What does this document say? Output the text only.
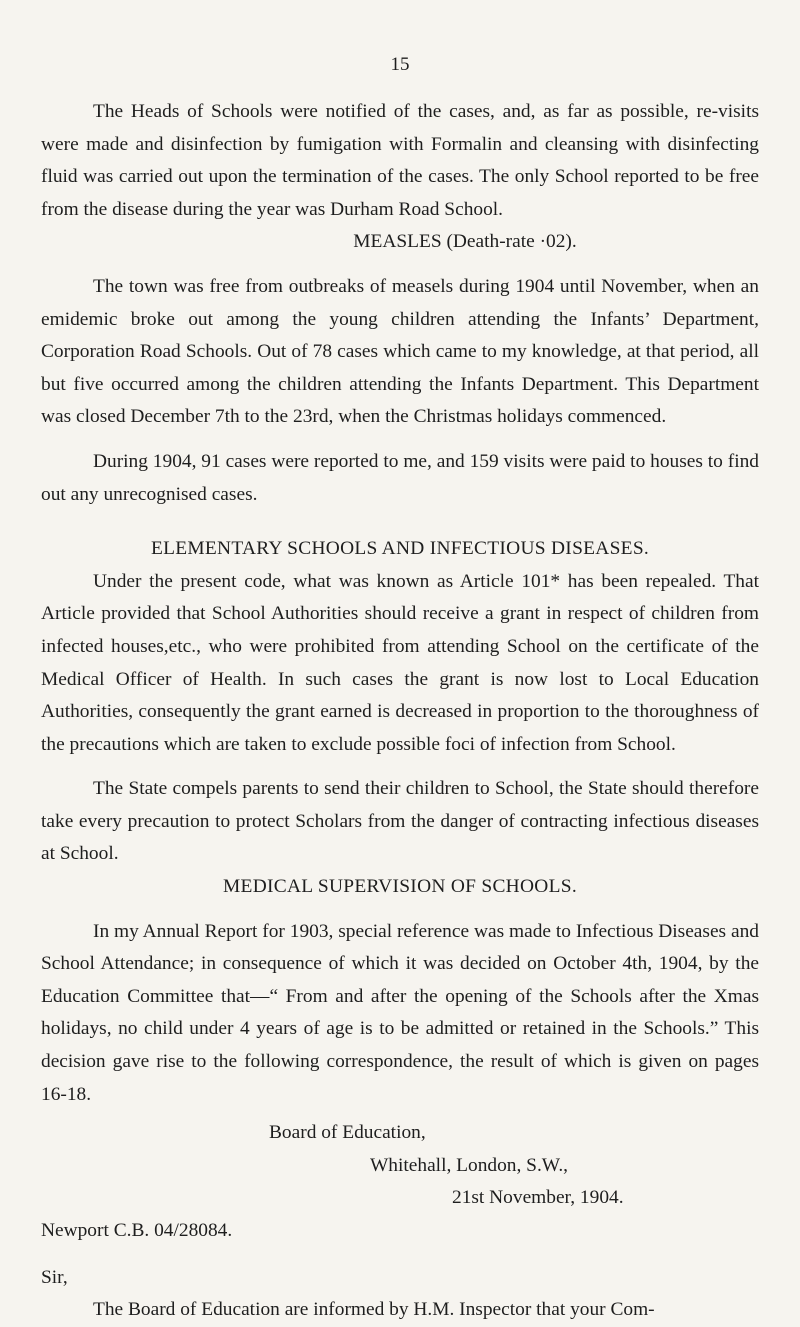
15

The Heads of Schools were notified of the cases, and, as far as possible, re-visits were made and disinfection by fumigation with Formalin and cleansing with disinfecting fluid was carried out upon the termination of the cases. The only School reported to be free from the disease during the year was Durham Road School.

MEASLES (Death-rate ·02).

The town was free from outbreaks of measels during 1904 until November, when an emidemic broke out among the young children attending the Infants’ Department, Corporation Road Schools. Out of 78 cases which came to my knowledge, at that period, all but five occurred among the children attending the Infants Department. This Department was closed December 7th to the 23rd, when the Christmas holidays commenced.

During 1904, 91 cases were reported to me, and 159 visits were paid to houses to find out any unrecognised cases.

ELEMENTARY SCHOOLS AND INFECTIOUS DISEASES.

Under the present code, what was known as Article 101* has been repealed. That Article provided that School Authorities should receive a grant in respect of children from infected houses,etc., who were prohibited from attending School on the certificate of the Medical Officer of Health. In such cases the grant is now lost to Local Education Authorities, consequently the grant earned is decreased in proportion to the thoroughness of the precautions which are taken to exclude possible foci of infection from School.

The State compels parents to send their children to School, the State should therefore take every precaution to protect Scholars from the danger of contracting infectious diseases at School.

MEDICAL SUPERVISION OF SCHOOLS.

In my Annual Report for 1903, special reference was made to Infectious Diseases and School Attendance; in consequence of which it was decided on October 4th, 1904, by the Education Committee that—“ From and after the opening of the Schools after the Xmas holidays, no child under 4 years of age is to be admitted or retained in the Schools.” This decision gave rise to the following correspondence, the result of which is given on pages 16-18.

Board of Education,
Whitehall, London, S.W.,
21st November, 1904.
Newport C.B. 04/28084.
Sir,

The Board of Education are informed by H.M. Inspector that your Com-
